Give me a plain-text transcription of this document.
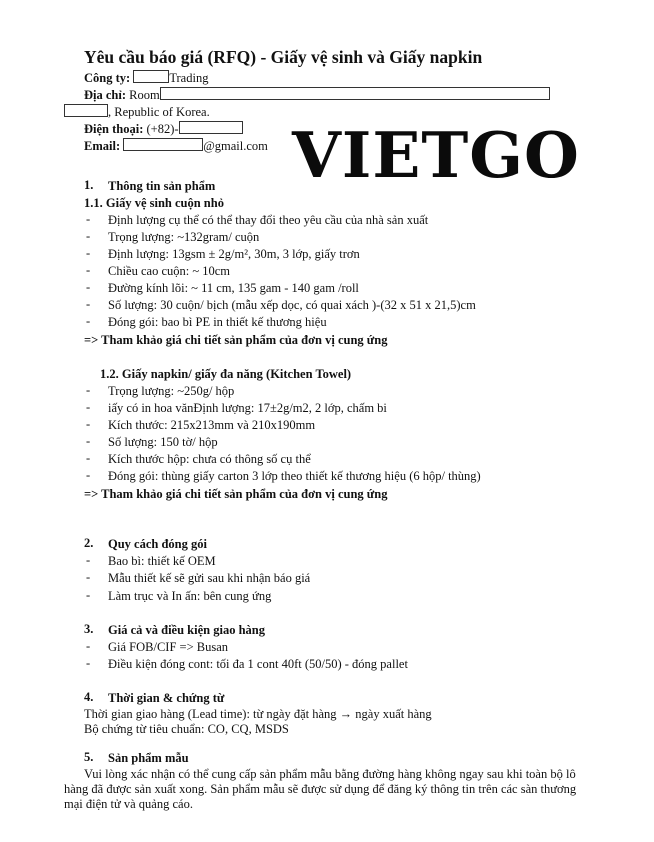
Yêu cầu báo giá (RFQ) - Giấy vệ sinh và Giấy napkin
Công ty:	Trading
Địa chỉ: Room
, Republic of Korea.
Điện thoại: (+82)-
Email:	@gmail.com VIETGO
1. Thông tin sản phẩm
1.1. Giấy vệ sinh cuộn nhỏ
- Định lượng cụ thể có thể thay đổi theo yêu cầu của nhà sản xuất
- Trọng lượng: ~132gram/ cuộn
- Định lượng: 13gsm ± 2g/m², 30m, 3 lớp, giấy trơn
- Chiều cao cuộn: ~ 10cm
- Đường kính lõi: ~ 11 cm, 135 gam - 140 gam /roll
- Số lượng: 30 cuộn/ bịch (mẫu xếp dọc, có quai xách )-(32 x 51 x 21,5)cm
- Đóng gói: bao bì PE in thiết kế thương hiệu
=> Tham khảo giá chi tiết sản phẩm của đơn vị cung ứng
1.2. Giấy napkin/ giấy đa năng (Kitchen Towel)
- Trọng lượng: ~250g/ hộp
- iấy có in hoa vănĐịnh lượng: 17±2g/m2, 2 lớp, chấm bi
- Kích thước: 215x213mm và 210x190mm
- Số lượng: 150 tờ/ hộp
- Kích thước hộp: chưa có thông số cụ thể
- Đóng gói: thùng giấy carton 3 lớp theo thiết kế thương hiệu (6 hộp/ thùng)
=> Tham khảo giá chi tiết sản phẩm của đơn vị cung ứng
2. Quy cách đóng gói
- Bao bì: thiết kế OEM
- Mẫu thiết kế sẽ gửi sau khi nhận báo giá
- Làm trục và In ấn: bên cung ứng
3. Giá cả và điều kiện giao hàng
- Giá FOB/CIF => Busan
- Điều kiện đóng cont: tối đa 1 cont 40ft (50/50) - đóng pallet
4. Thời gian & chứng từ
Thời gian giao hàng (Lead time): từ ngày đặt hàng → ngày xuất hàng
Bộ chứng từ tiêu chuẩn: CO, CQ, MSDS
5. Sản phẩm mẫu
Vui lòng xác nhận có thể cung cấp sản phẩm mẫu bằng đường hàng không ngay sau khi toàn bộ lô
hàng đã được sản xuất xong. Sản phẩm mẫu sẽ được sử dụng để đăng ký thông tin trên các sàn thương
mại điện tử và quảng cáo.
